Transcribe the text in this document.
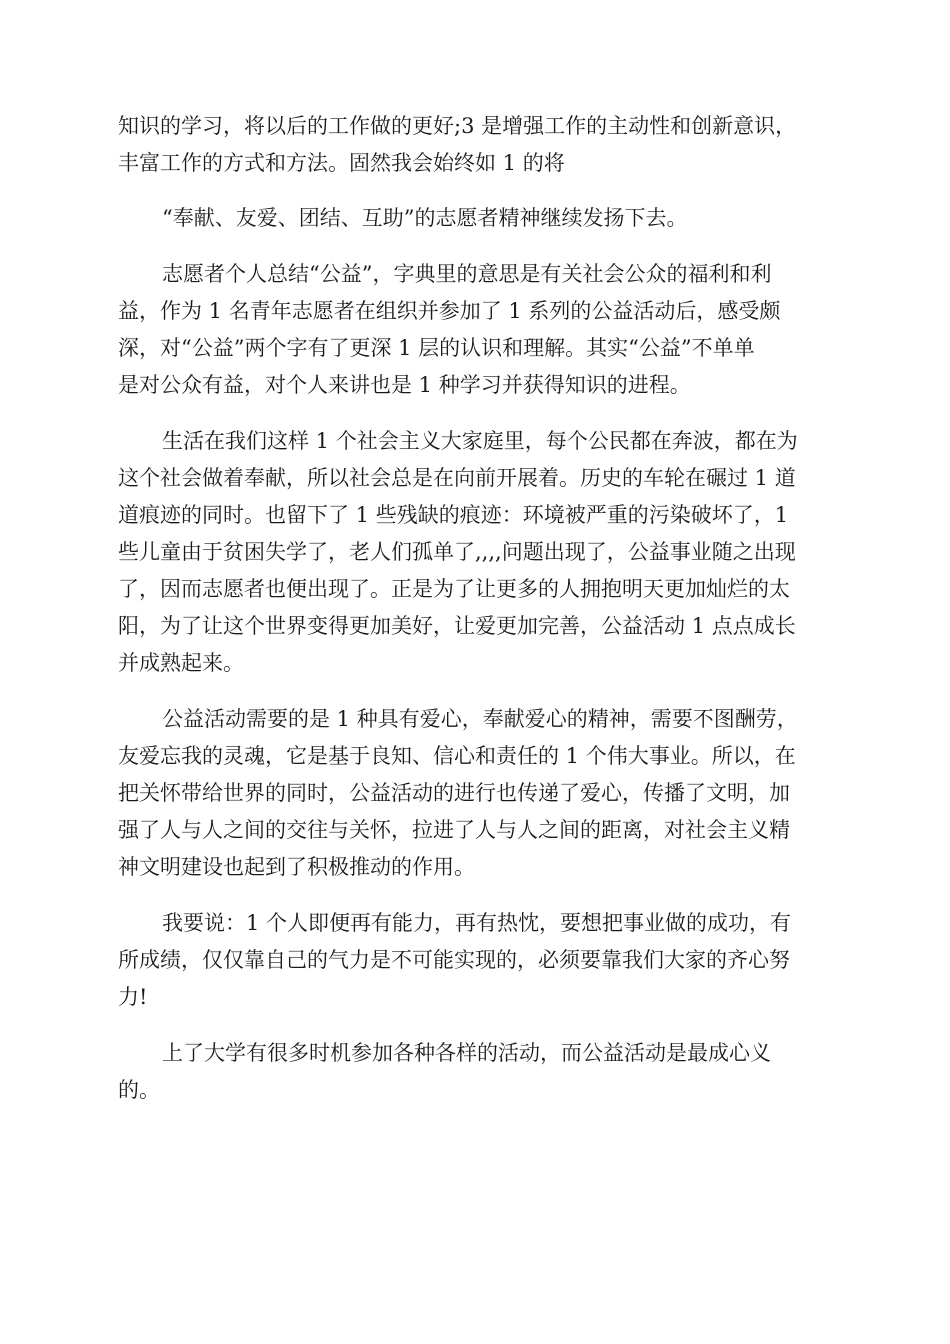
知识的学习，将以后的工作做的更好;3 是增强工作的主动性和创新意识，
丰富工作的方式和方法。固然我会始终如 1 的将

“奉献、友爱、团结、互助”的志愿者精神继续发扬下去。

志愿者个人总结“公益”，字典里的意思是有关社会公众的福利和利
益，作为 1 名青年志愿者在组织并参加了 1 系列的公益活动后，感受颇
深，对“公益”两个字有了更深 1 层的认识和理解。其实“公益”不单单
是对公众有益，对个人来讲也是 1 种学习并获得知识的进程。

生活在我们这样 1 个社会主义大家庭里，每个公民都在奔波，都在为
这个社会做着奉献，所以社会总是在向前开展着。历史的车轮在碾过 1 道
道痕迹的同时。也留下了 1 些残缺的痕迹：环境被严重的污染破坏了，1
些儿童由于贫困失学了，老人们孤单了,,,,问题出现了，公益事业随之出现
了，因而志愿者也便出现了。正是为了让更多的人拥抱明天更加灿烂的太
阳，为了让这个世界变得更加美好，让爱更加完善，公益活动 1 点点成长
并成熟起来。

公益活动需要的是 1 种具有爱心，奉献爱心的精神，需要不图酬劳，
友爱忘我的灵魂，它是基于良知、信心和责任的 1 个伟大事业。所以，在
把关怀带给世界的同时，公益活动的进行也传递了爱心，传播了文明，加
强了人与人之间的交往与关怀，拉进了人与人之间的距离，对社会主义精
神文明建设也起到了积极推动的作用。

我要说：1 个人即便再有能力，再有热忱，要想把事业做的成功，有
所成绩，仅仅靠自己的气力是不可能实现的，必须要靠我们大家的齐心努
力!

上了大学有很多时机参加各种各样的活动，而公益活动是最成心义
的。
